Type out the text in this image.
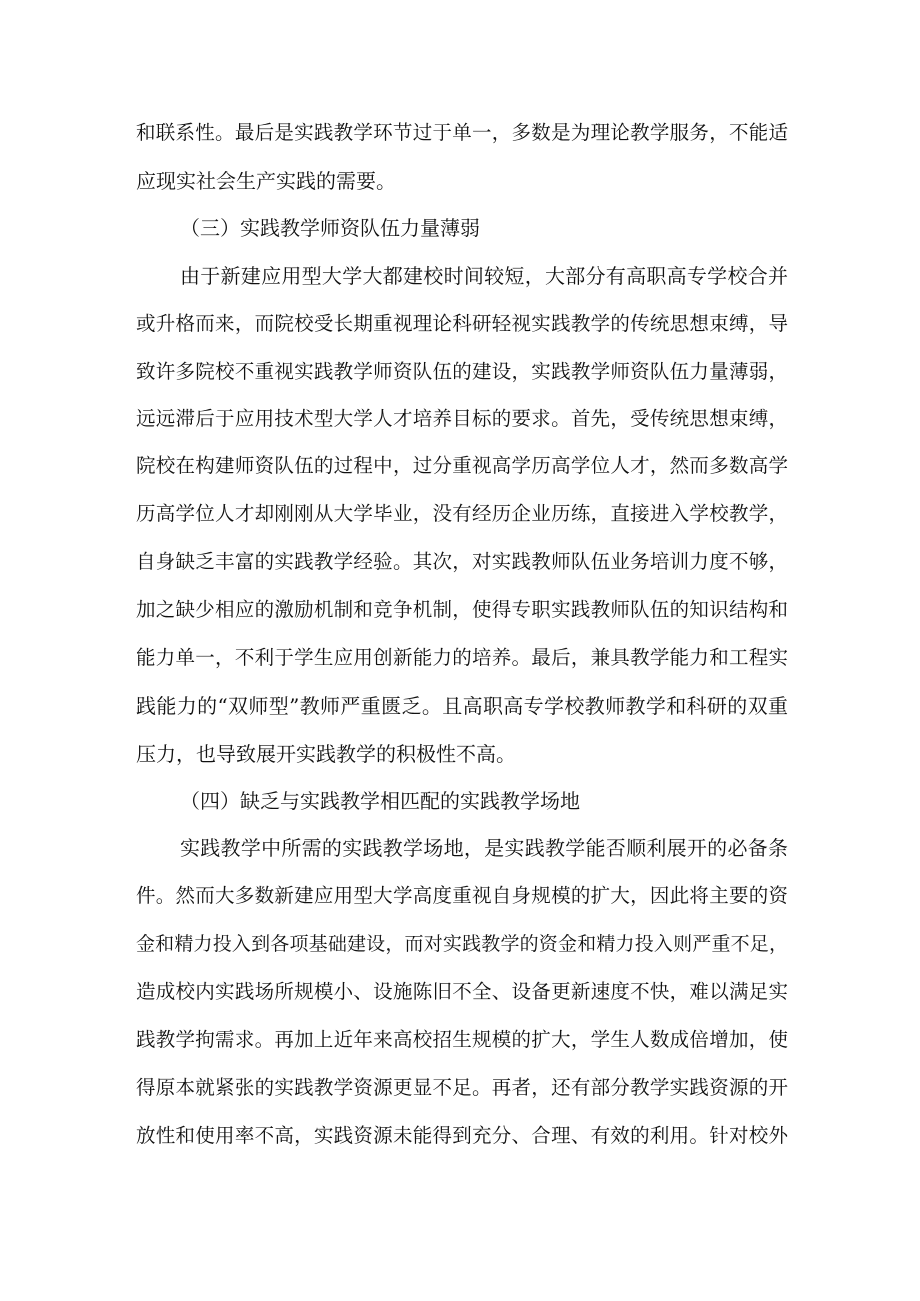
和联系性。最后是实践教学环节过于单一，多数是为理论教学服务，不能适
应现实社会生产实践的需要。
（三）实践教学师资队伍力量薄弱
由于新建应用型大学大都建校时间较短，大部分有高职高专学校合并
或升格而来，而院校受长期重视理论科研轻视实践教学的传统思想束缚，导
致许多院校不重视实践教学师资队伍的建设，实践教学师资队伍力量薄弱，
远远滞后于应用技术型大学人才培养目标的要求。首先，受传统思想束缚，
院校在构建师资队伍的过程中，过分重视高学历高学位人才，然而多数高学
历高学位人才却刚刚从大学毕业，没有经历企业历练，直接进入学校教学，
自身缺乏丰富的实践教学经验。其次，对实践教师队伍业务培训力度不够，
加之缺少相应的激励机制和竞争机制，使得专职实践教师队伍的知识结构和
能力单一，不利于学生应用创新能力的培养。最后，兼具教学能力和工程实
践能力的“双师型”教师严重匮乏。且高职高专学校教师教学和科研的双重
压力，也导致展开实践教学的积极性不高。
（四）缺乏与实践教学相匹配的实践教学场地
实践教学中所需的实践教学场地，是实践教学能否顺利展开的必备条
件。然而大多数新建应用型大学高度重视自身规模的扩大，因此将主要的资
金和精力投入到各项基础建设，而对实践教学的资金和精力投入则严重不足，
造成校内实践场所规模小、设施陈旧不全、设备更新速度不快，难以满足实
践教学拘需求。再加上近年来高校招生规模的扩大，学生人数成倍增加，使
得原本就紧张的实践教学资源更显不足。再者，还有部分教学实践资源的开
放性和使用率不高，实践资源未能得到充分、合理、有效的利用。针对校外
